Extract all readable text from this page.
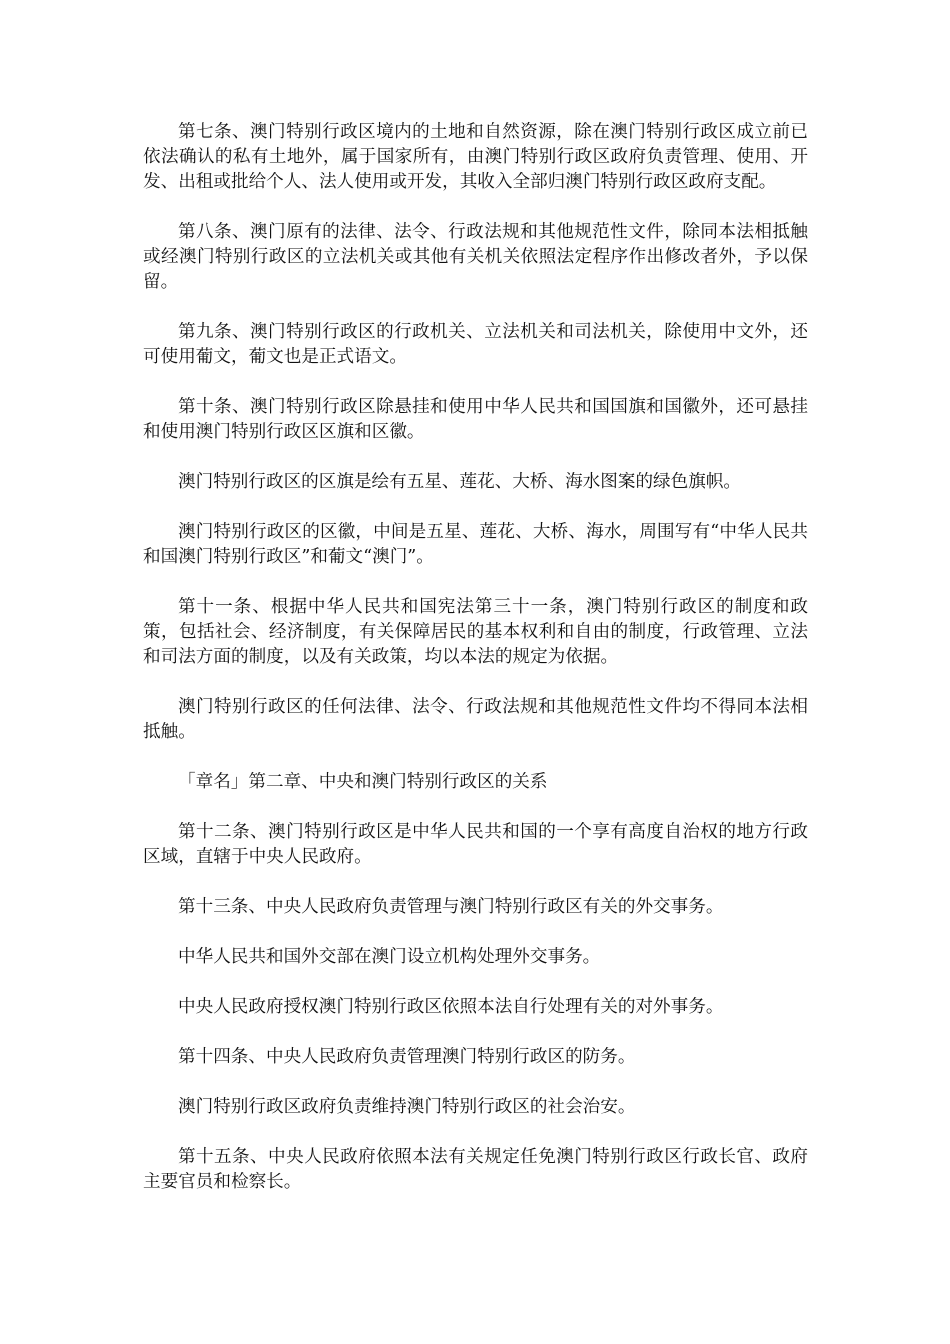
第七条、澳门特别行政区境内的土地和自然资源，除在澳门特别行政区成立前已依法确认的私有土地外，属于国家所有，由澳门特别行政区政府负责管理、使用、开发、出租或批给个人、法人使用或开发，其收入全部归澳门特别行政区政府支配。

第八条、澳门原有的法律、法令、行政法规和其他规范性文件，除同本法相抵触或经澳门特别行政区的立法机关或其他有关机关依照法定程序作出修改者外，予以保留。

第九条、澳门特别行政区的行政机关、立法机关和司法机关，除使用中文外，还可使用葡文，葡文也是正式语文。

第十条、澳门特别行政区除悬挂和使用中华人民共和国国旗和国徽外，还可悬挂和使用澳门特别行政区区旗和区徽。

澳门特别行政区的区旗是绘有五星、莲花、大桥、海水图案的绿色旗帜。

澳门特别行政区的区徽，中间是五星、莲花、大桥、海水，周围写有“中华人民共和国澳门特别行政区”和葡文“澳门”。

第十一条、根据中华人民共和国宪法第三十一条，澳门特别行政区的制度和政策，包括社会、经济制度，有关保障居民的基本权利和自由的制度，行政管理、立法和司法方面的制度，以及有关政策，均以本法的规定为依据。

澳门特别行政区的任何法律、法令、行政法规和其他规范性文件均不得同本法相抵触。

「章名」第二章、中央和澳门特别行政区的关系

第十二条、澳门特别行政区是中华人民共和国的一个享有高度自治权的地方行政区域，直辖于中央人民政府。

第十三条、中央人民政府负责管理与澳门特别行政区有关的外交事务。

中华人民共和国外交部在澳门设立机构处理外交事务。

中央人民政府授权澳门特别行政区依照本法自行处理有关的对外事务。

第十四条、中央人民政府负责管理澳门特别行政区的防务。

澳门特别行政区政府负责维持澳门特别行政区的社会治安。

第十五条、中央人民政府依照本法有关规定任免澳门特别行政区行政长官、政府主要官员和检察长。
